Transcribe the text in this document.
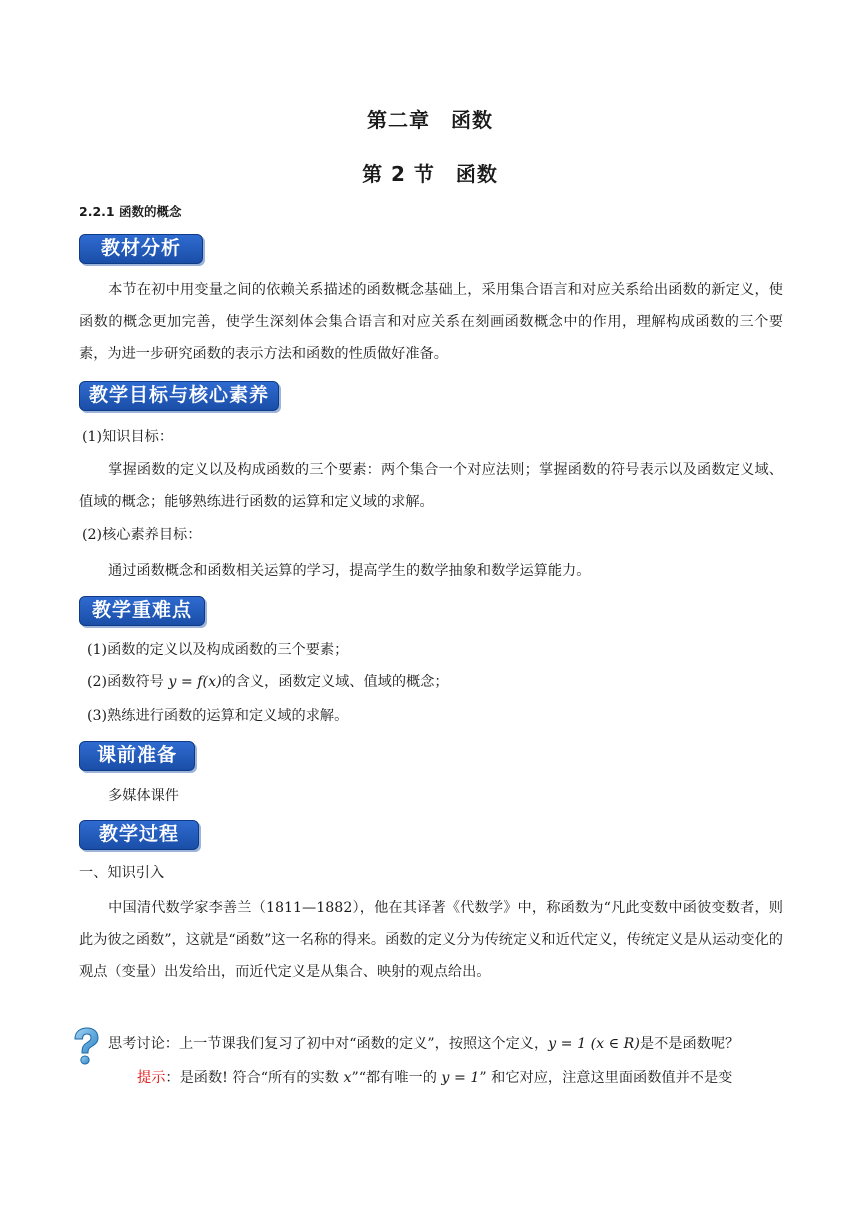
第二章　函数
第 2 节　函数
2.2.1 函数的概念
教材分析
本节在初中用变量之间的依赖关系描述的函数概念基础上，采用集合语言和对应关系给出函数的新定义，使函数的概念更加完善，使学生深刻体会集合语言和对应关系在刻画函数概念中的作用，理解构成函数的三个要素，为进一步研究函数的表示方法和函数的性质做好准备。
教学目标与核心素养
(1)知识目标：
掌握函数的定义以及构成函数的三个要素：两个集合一个对应法则；掌握函数的符号表示以及函数定义域、值域的概念；能够熟练进行函数的运算和定义域的求解。
(2)核心素养目标：
通过函数概念和函数相关运算的学习，提高学生的数学抽象和数学运算能力。
教学重难点
(1)函数的定义以及构成函数的三个要素；
(2)函数符号 y = f(x)的含义，函数定义域、值域的概念；
(3)熟练进行函数的运算和定义域的求解。
课前准备
多媒体课件
教学过程
一、知识引入
中国清代数学家李善兰（1811—1882），他在其译著《代数学》中，称函数为“凡此变数中函彼变数者，则此为彼之函数”，这就是“函数”这一名称的得来。函数的定义分为传统定义和近代定义，传统定义是从运动变化的观点（变量）出发给出，而近代定义是从集合、映射的观点给出。
思考讨论：上一节课我们复习了初中对“函数的定义”，按照这个定义，y = 1 (x ∈ R)是不是函数呢？
提示：是函数! 符合“所有的实数 x”“都有唯一的 y = 1” 和它对应，注意这里面函数值并不是变
